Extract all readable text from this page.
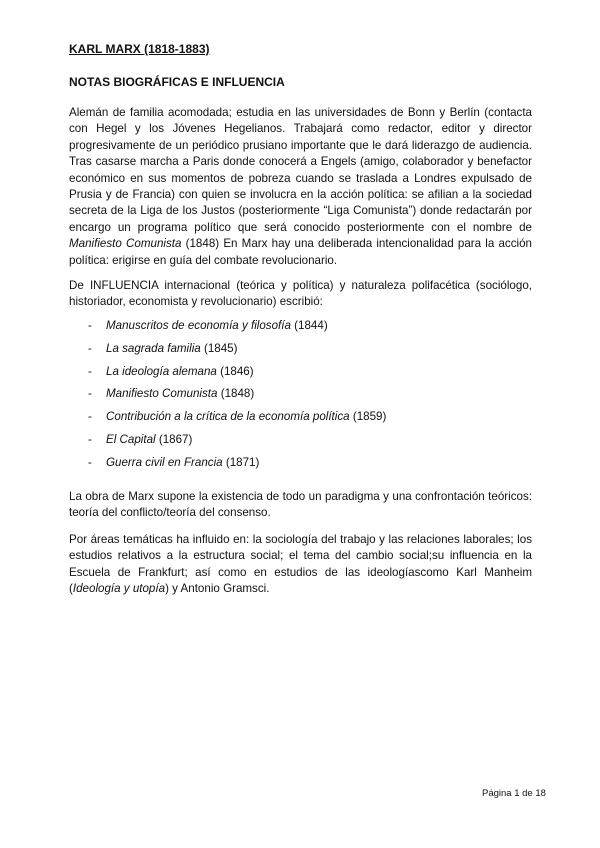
KARL MARX (1818-1883)
NOTAS BIOGRÁFICAS E INFLUENCIA

Alemán de familia acomodada; estudia en las universidades de Bonn y Berlín (contacta con Hegel y los Jóvenes Hegelianos. Trabajará como redactor, editor y director progresivamente de un periódico prusiano importante que le dará liderazgo de audiencia. Tras casarse marcha a Paris donde conocerá a Engels (amigo, colaborador y benefactor económico en sus momentos de pobreza cuando se traslada a Londres expulsado de Prusia y de Francia) con quien se involucra en la acción política: se afilian a la sociedad secreta de la Liga de los Justos (posteriormente “Liga Comunista”) donde redactarán por encargo un programa político que será conocido posteriormente con el nombre de Manifiesto Comunista (1848) En Marx hay una deliberada intencionalidad para la acción política: erigirse en guía del combate revolucionario.

De INFLUENCIA internacional (teórica y política) y naturaleza polifacética (sociólogo, historiador, economista y revolucionario) escribió:

- Manuscritos de economía y filosofía (1844)
- La sagrada familia (1845)
- La ideología alemana (1846)
- Manifiesto Comunista (1848)
- Contribución a la crítica de la economía política (1859)
- El Capital (1867)
- Guerra civil en Francia (1871)

La obra de Marx supone la existencia de todo un paradigma y una confrontación teóricos: teoría del conflicto/teoría del consenso.

Por áreas temáticas ha influido en: la sociología del trabajo y las relaciones laborales; los estudios relativos a la estructura social; el tema del cambio social;su influencia en la Escuela de Frankfurt; así como en estudios de las ideologíascomo Karl Manheim (Ideología y utopía) y Antonio Gramsci.

Página 1 de 18
